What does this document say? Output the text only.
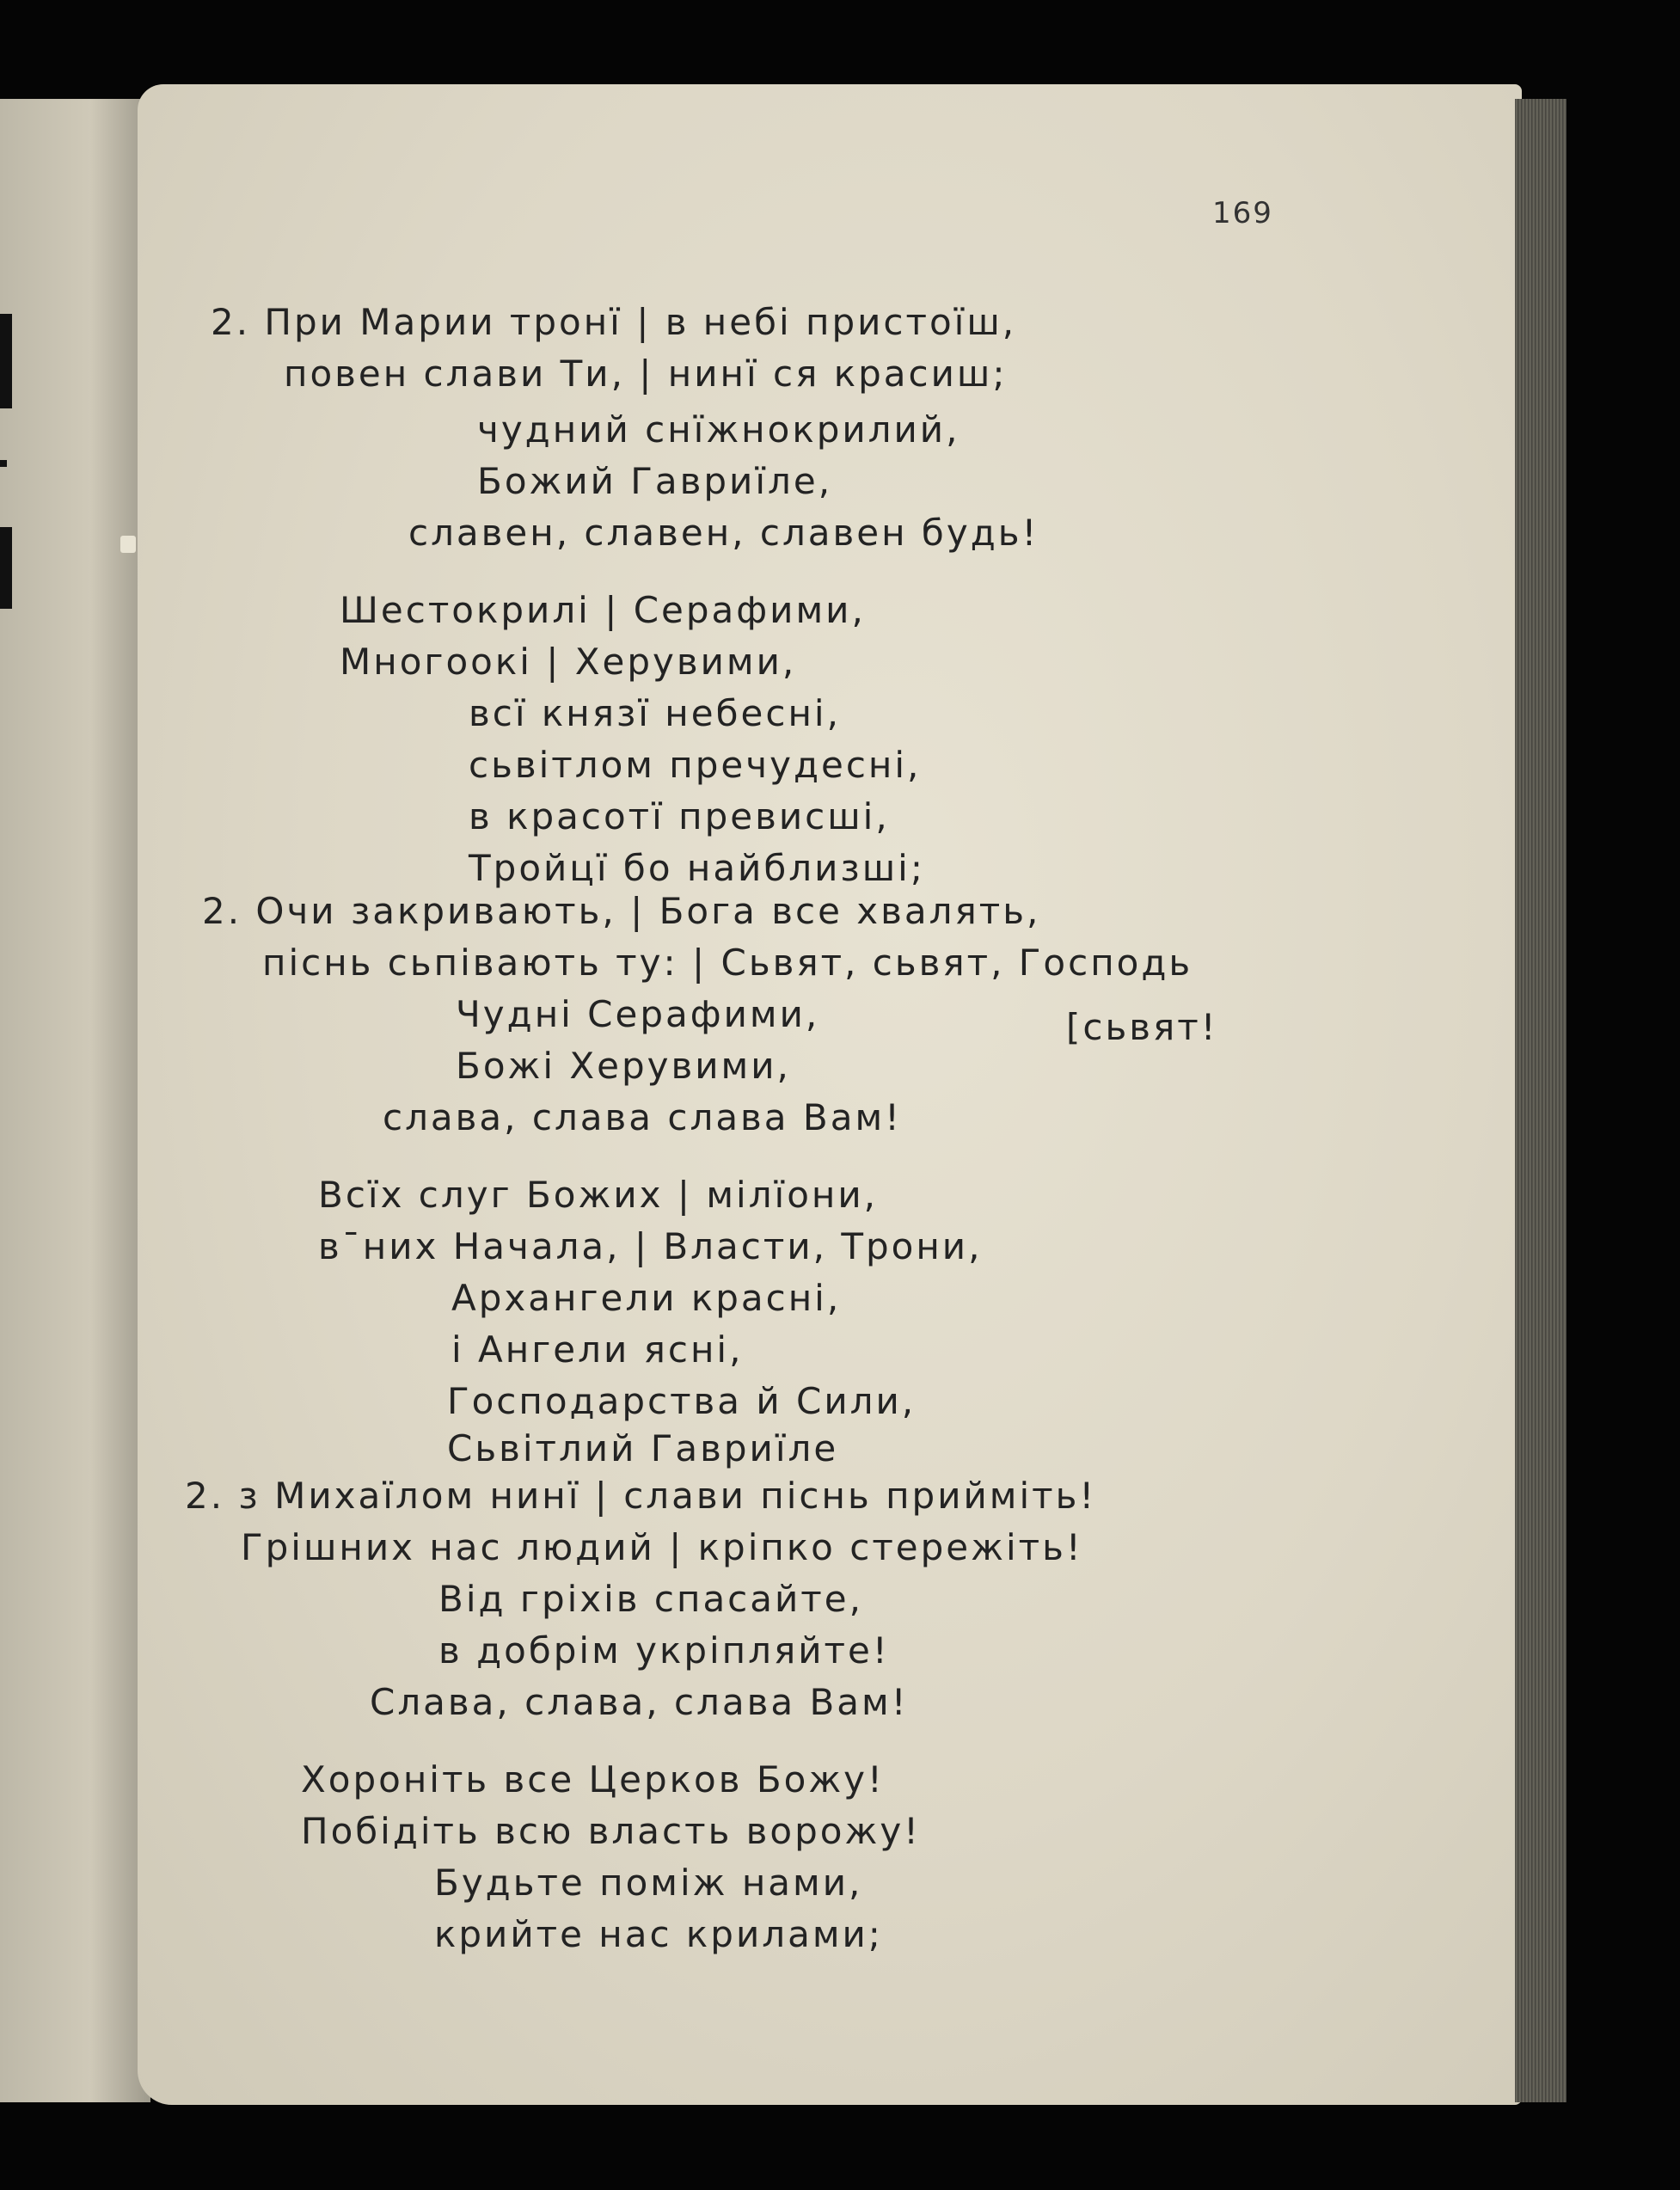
169
2. При Марии тронї | в небі пристоїш,
повен слави Ти, | нинї ся красиш;
чудний снїжнокрилий,
Божий Гавриїле,
славен, славен, славен будь!
Шестокрилі | Серафими,
Многоокі | Херувими,
всї князї небесні,
сьвітлом пречудесні,
в красотї превисші,
Тройцї бо найблизші;
2. Очи закривають, | Бога все хвалять,
піснь сьпівають ту: | Сьвят, сьвят, Господь
Чудні Серафими,	[сьвят!
Божі Херувими,
слава, слава слава Вам!
Всїх слуг Божих | мілїони,
вˉних Начала, | Власти, Трони,
Архангели красні,
і Ангели ясні,
Господарства й Сили,
Сьвітлий Гавриїле
2. з Михаїлом нинї | слави піснь прийміть!
Грішних нас людий | кріпко стережіть!
Від гріхів спасайте,
в добрім укріпляйте!
Слава, слава, слава Вам!
Хороніть все Церков Божу!
Побідіть всю власть ворожу!
Будьте поміж нами,
крийте нас крилами;
